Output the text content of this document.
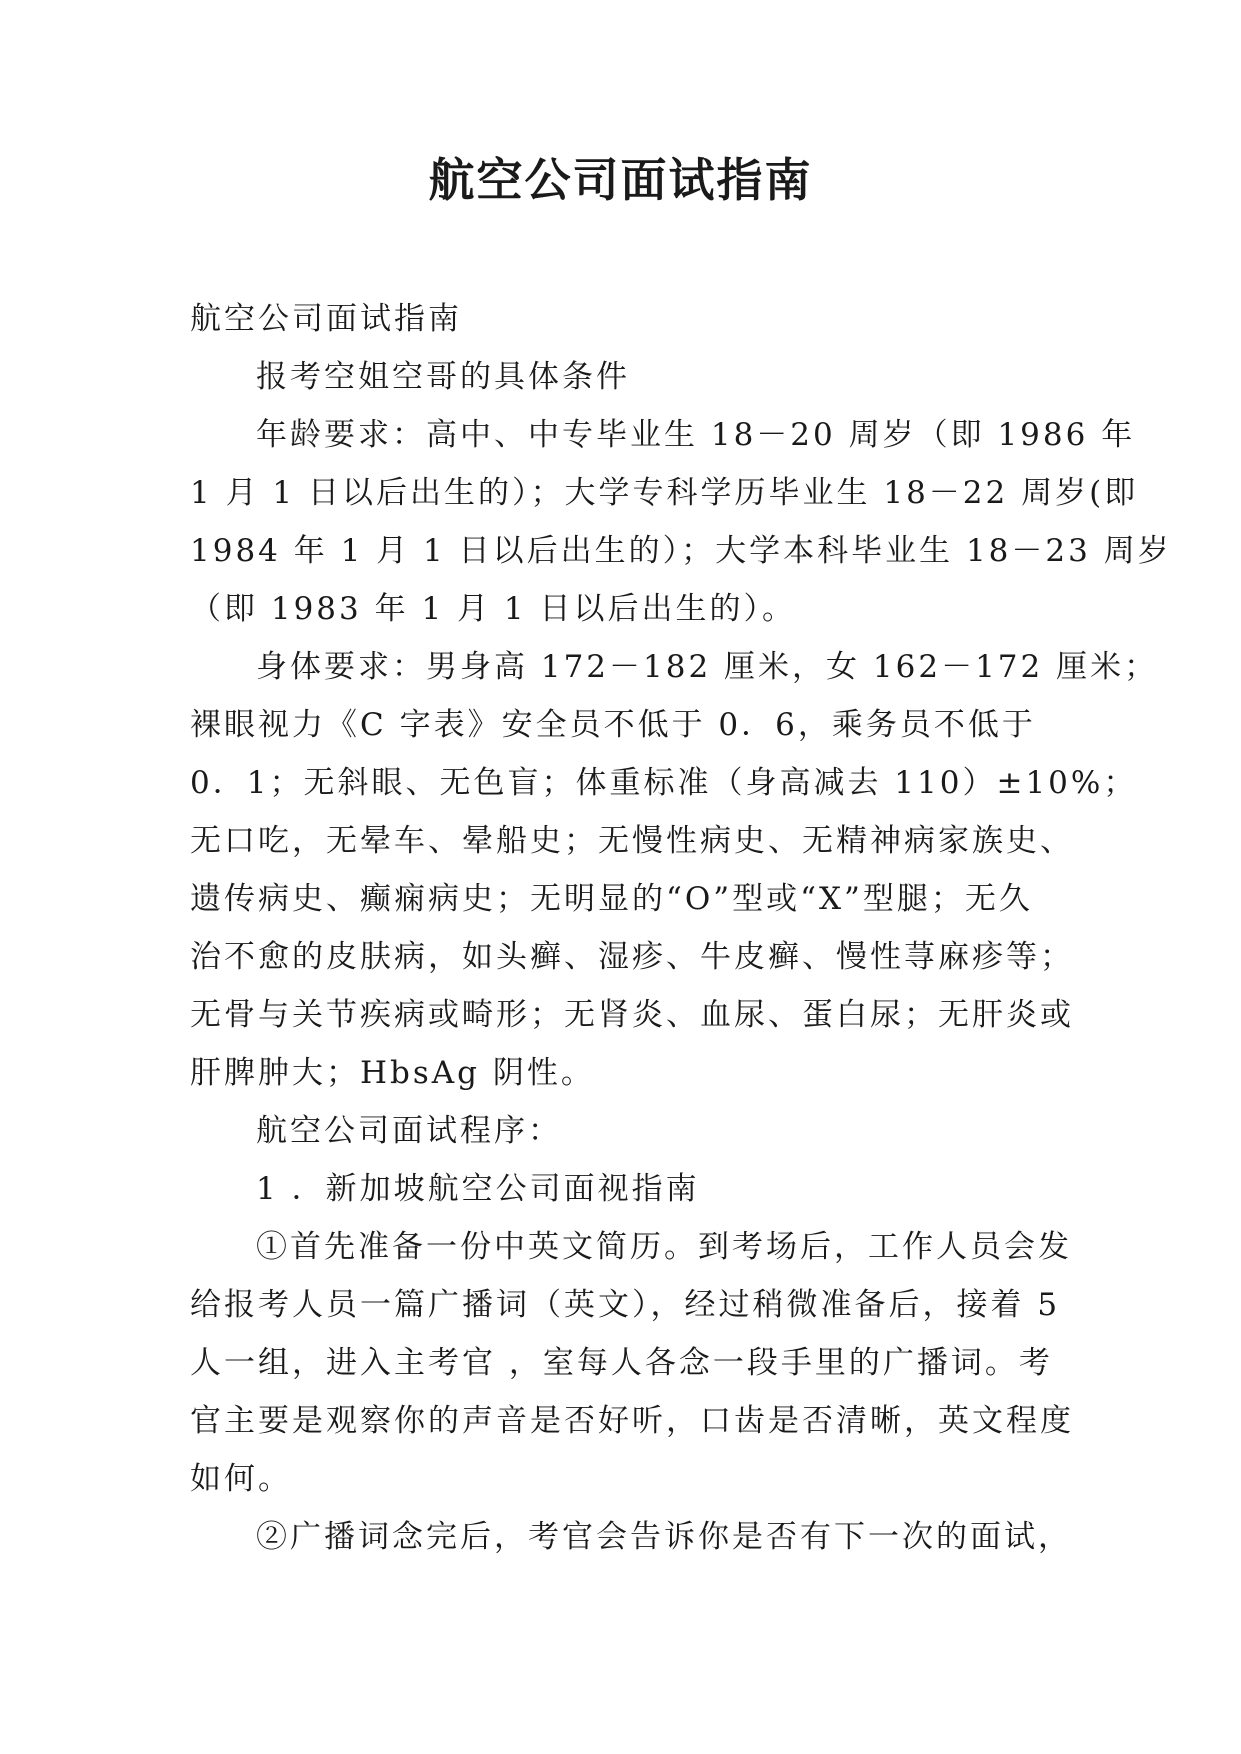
航空公司面试指南
航空公司面试指南
报考空姐空哥的具体条件
年龄要求：高中、中专毕业生 18－20 周岁（即 1986 年
1 月 1 日以后出生的）；大学专科学历毕业生 18－22 周岁(即
1984 年 1 月 1 日以后出生的）；大学本科毕业生 18－23 周岁
（即 1983 年 1 月 1 日以后出生的）。
身体要求：男身高 172－182 厘米，女 162－172 厘米；
裸眼视力《C 字表》安全员不低于 0．6，乘务员不低于
0．1；无斜眼、无色盲；体重标准（身高减去 110）±10%；
无口吃，无晕车、晕船史；无慢性病史、无精神病家族史、
遗传病史、癫痫病史；无明显的“O”型或“X”型腿；无久
治不愈的皮肤病，如头癣、湿疹、牛皮癣、慢性荨麻疹等；
无骨与关节疾病或畸形；无肾炎、血尿、蛋白尿；无肝炎或
肝脾肿大；HbsAg 阴性。
航空公司面试程序：
1 ．新加坡航空公司面视指南
①首先准备一份中英文简历。到考场后，工作人员会发
给报考人员一篇广播词（英文），经过稍微准备后，接着 5
人一组，进入主考官 ，室每人各念一段手里的广播词。考
官主要是观察你的声音是否好听，口齿是否清晰，英文程度
如何。
②广播词念完后，考官会告诉你是否有下一次的面试，
